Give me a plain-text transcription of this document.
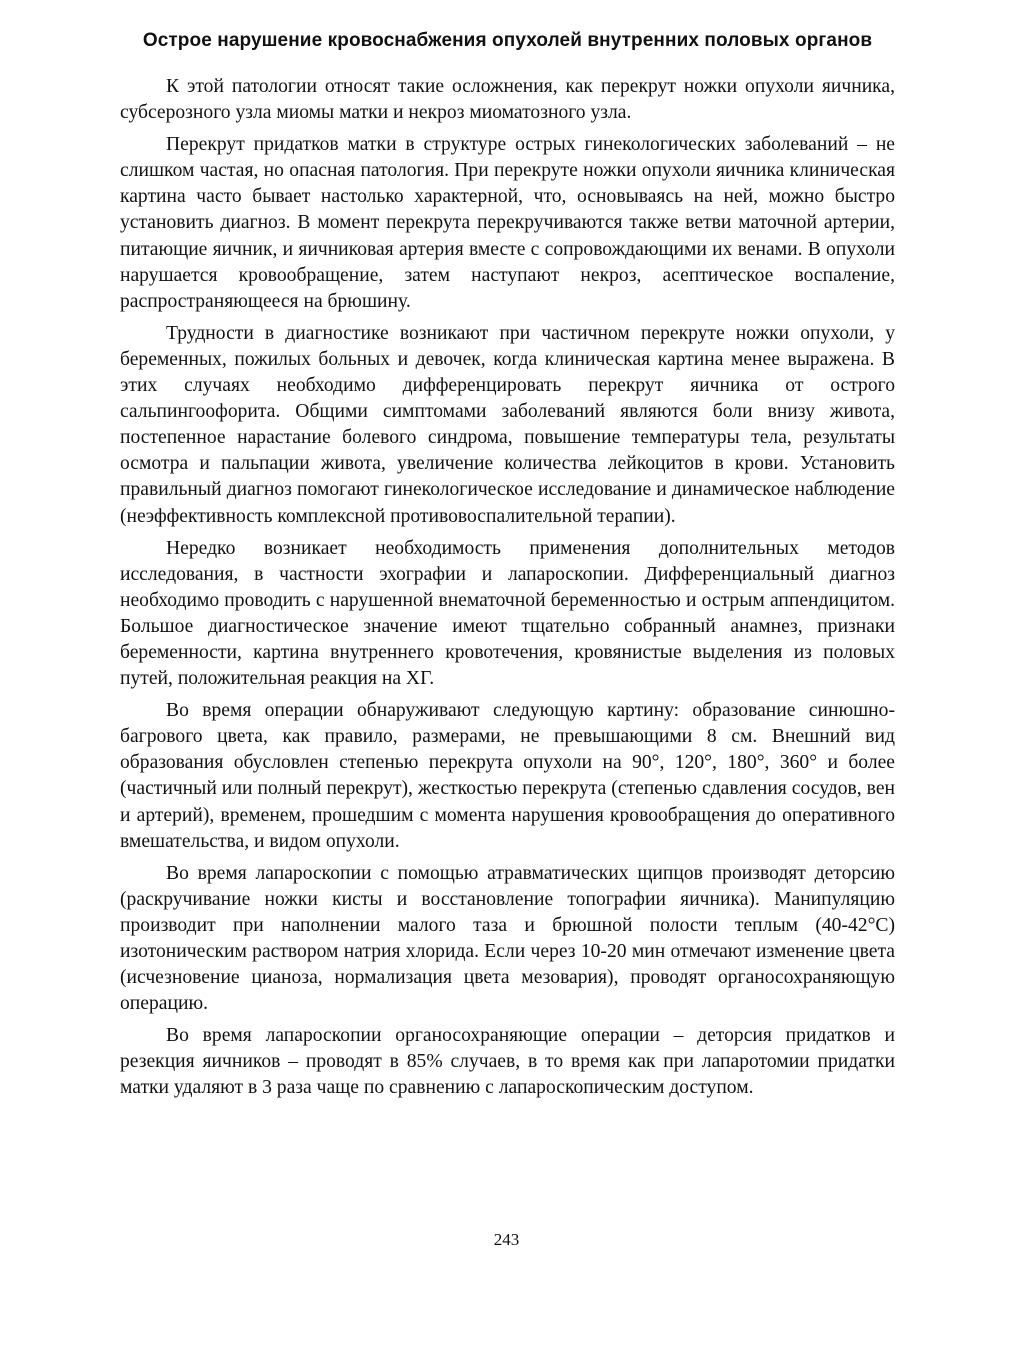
Острое нарушение кровоснабжения опухолей внутренних половых органов

К этой патологии относят такие осложнения, как перекрут ножки опухоли яичника, субсерозного узла миомы матки и некроз миоматозного узла.

Перекрут придатков матки в структуре острых гинекологических заболеваний – не слишком частая, но опасная патология. При перекруте ножки опухоли яичника клиническая картина часто бывает настолько характерной, что, основываясь на ней, можно быстро установить диагноз. В момент перекрута перекручиваются также ветви маточной артерии, питающие яичник, и яичниковая артерия вместе с сопровождающими их венами. В опухоли нарушается кровообращение, затем наступают некроз, асептическое воспаление, распространяющееся на брюшину.

Трудности в диагностике возникают при частичном перекруте ножки опухоли, у беременных, пожилых больных и девочек, когда клиническая картина менее выражена. В этих случаях необходимо дифференцировать перекрут яичника от острого сальпингоофорита. Общими симптомами заболеваний являются боли внизу живота, постепенное нарастание болевого синдрома, повышение температуры тела, результаты осмотра и пальпации живота, увеличение количества лейкоцитов в крови. Установить правильный диагноз помогают гинекологическое исследование и динамическое наблюдение (неэффективность комплексной противовоспалительной терапии).

Нередко возникает необходимость применения дополнительных методов исследования, в частности эхографии и лапароскопии. Дифференциальный диагноз необходимо проводить с нарушенной внематочной беременностью и острым аппендицитом. Большое диагностическое значение имеют тщательно собранный анамнез, признаки беременности, картина внутреннего кровотечения, кровянистые выделения из половых путей, положительная реакция на ХГ.

Во время операции обнаруживают следующую картину: образование синюшно-багрового цвета, как правило, размерами, не превышающими 8 см. Внешний вид образования обусловлен степенью перекрута опухоли на 90°, 120°, 180°, 360° и более (частичный или полный перекрут), жесткостью перекрута (степенью сдавления сосудов, вен и артерий), временем, прошедшим с момента нарушения кровообращения до оперативного вмешательства, и видом опухоли.

Во время лапароскопии с помощью атравматических щипцов производят деторсию (раскручивание ножки кисты и восстановление топографии яичника). Манипуляцию производит при наполнении малого таза и брюшной полости теплым (40-42°С) изотоническим раствором натрия хлорида. Если через 10-20 мин отмечают изменение цвета (исчезновение цианоза, нормализация цвета мезовария), проводят органосохраняющую операцию.

Во время лапароскопии органосохраняющие операции – деторсия придатков и резекция яичников – проводят в 85% случаев, в то время как при лапаротомии придатки матки удаляют в 3 раза чаще по сравнению с лапароскопическим доступом.

243
